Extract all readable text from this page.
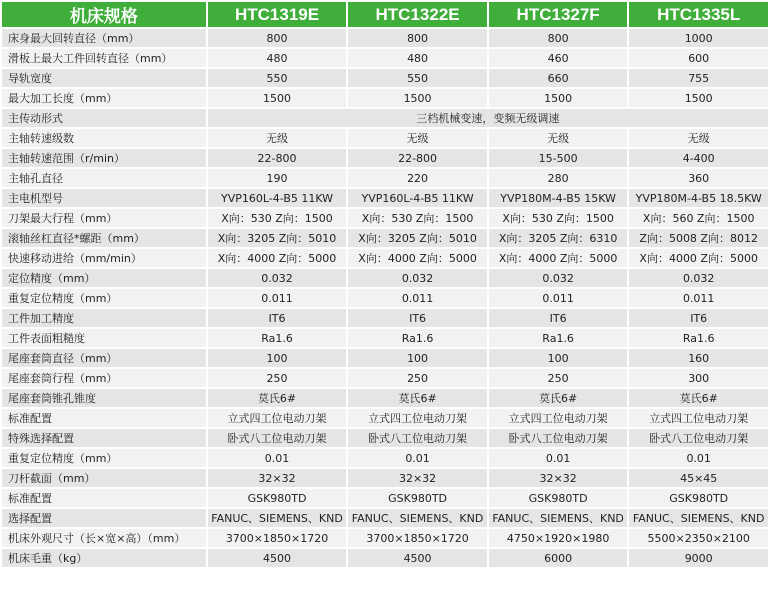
机床规格	HTC1319E	HTC1322E	HTC1327F	HTC1335L
床身最大回转直径（mm）	800	800	800	1000
滑板上最大工件回转直径（mm）	480	480	460	600
导轨宽度	550	550	660	755
最大加工长度（mm）	1500	1500	1500	1500
主传动形式	三档机械变速，变频无级调速			
主轴转速级数	无级	无级	无级	无级
主轴转速范围（r/min）	22-800	22-800	15-500	4-400
主轴孔直径	190	220	280	360
主电机型号	YVP160L-4-B5 11KW	YVP160L-4-B5 11KW	YVP180M-4-B5 15KW	YVP180M-4-B5 18.5KW
刀架最大行程（mm）	X向：530 Z向：1500	X向：530 Z向：1500	X向：530 Z向：1500	X向：560 Z向：1500
滚轴丝杠直径*螺距（mm）	X向：3205 Z向：5010	X向：3205 Z向：5010	X向：3205 Z向：6310	Z向：5008 Z向：8012
快速移动进给（mm/min）	X向：4000 Z向：5000	X向：4000 Z向：5000	X向：4000 Z向：5000	X向：4000 Z向：5000
定位精度（mm）	0.032	0.032	0.032	0.032
重复定位精度（mm）	0.011	0.011	0.011	0.011
工件加工精度	IT6	IT6	IT6	IT6
工件表面粗糙度	Ra1.6	Ra1.6	Ra1.6	Ra1.6
尾座套筒直径（mm）	100	100	100	160
尾座套筒行程（mm）	250	250	250	300
尾座套筒锥孔锥度	莫氏6#	莫氏6#	莫氏6#	莫氏6#
标准配置	立式四工位电动刀架	立式四工位电动刀架	立式四工位电动刀架	立式四工位电动刀架
特殊选择配置	卧式八工位电动刀架	卧式八工位电动刀架	卧式八工位电动刀架	卧式八工位电动刀架
重复定位精度（mm）	0.01	0.01	0.01	0.01
刀杆截面（mm）	32×32	32×32	32×32	45×45
标准配置	GSK980TD	GSK980TD	GSK980TD	GSK980TD
选择配置	FANUC、SIEMENS、KND	FANUC、SIEMENS、KND	FANUC、SIEMENS、KND	FANUC、SIEMENS、KND
机床外观尺寸（长×宽×高）（mm）	3700×1850×1720	3700×1850×1720	4750×1920×1980	5500×2350×2100
机床毛重（kg）	4500	4500	6000	9000
